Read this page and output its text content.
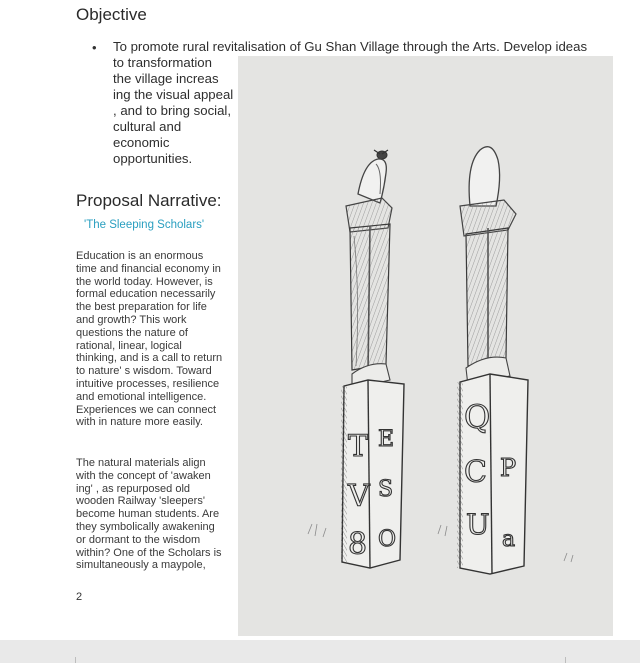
Objective
• To promote rural revitalisation of Gu Shan Village through the Arts. Develop ideas
to transformation
the village increas
ing the visual appeal
, and to bring social,
cultural and
economic
opportunities.

Proposal Narrative:

'The Sleeping Scholars'

Education is an enormous
time and financial economy in
the world today. However, is
formal education necessarily
the best preparation for life
and growth? This work
questions the nature of
rational, linear, logical
thinking, and is a call to return
to nature' s wisdom. Toward
intuitive processes, resilience
and emotional intelligence.
Experiences we can connect
with in nature more easily.

The natural materials align
with the concept of 'awaken
ing' , as repurposed old
wooden Railway 'sleepers'
become human students. Are
they symbolically awakening
or dormant to the wisdom
within? One of the Scholars is
simultaneously a maypole,

2

T E
V S
8 O
Q
C P
U a
